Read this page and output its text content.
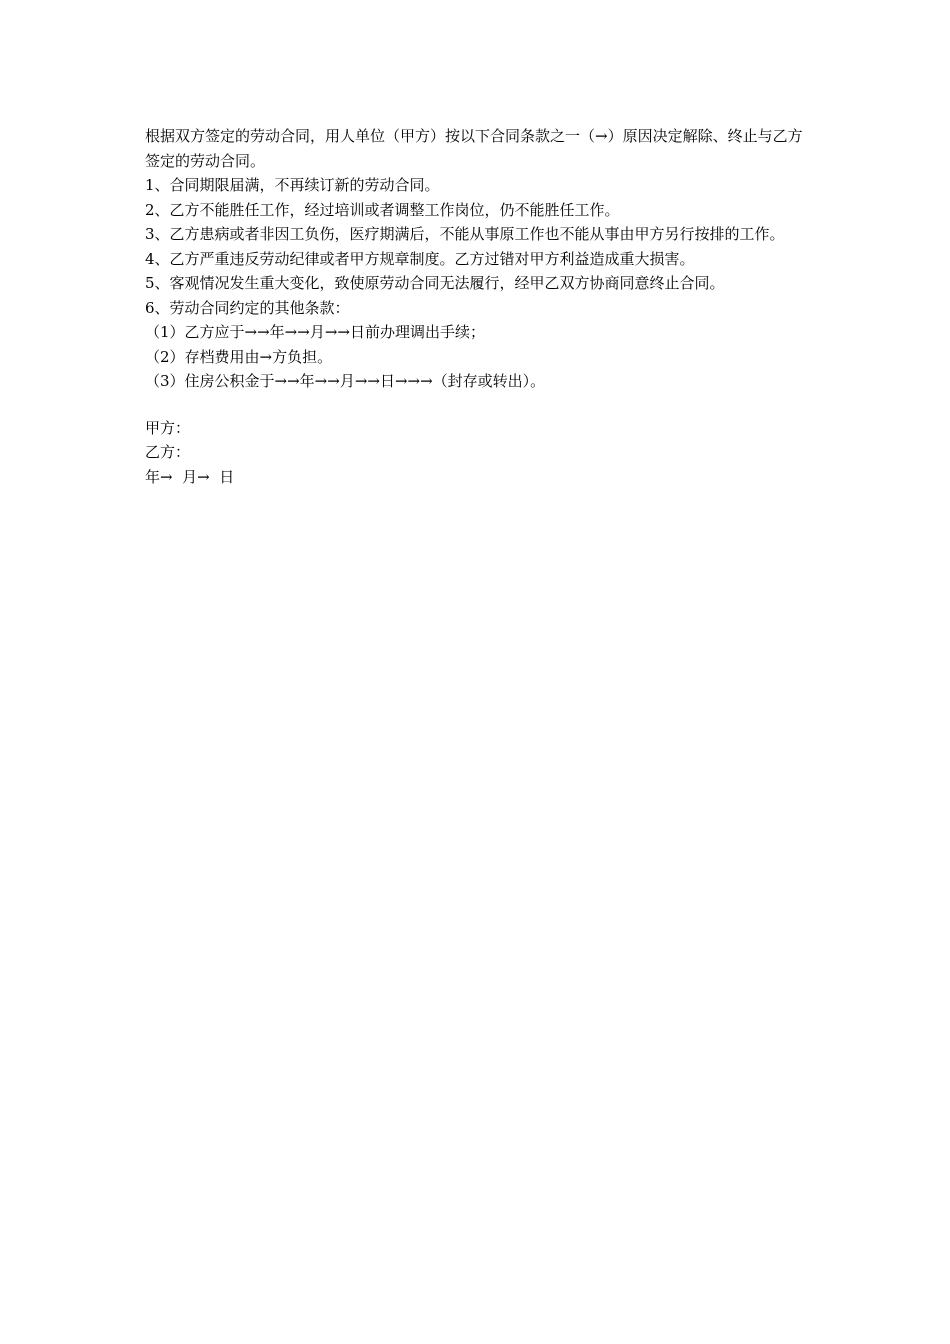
根据双方签定的劳动合同，用人单位（甲方）按以下合同条款之一（→）原因决定解除、终止与乙方签定的劳动合同。

1、合同期限届满，不再续订新的劳动合同。

2、乙方不能胜任工作，经过培训或者调整工作岗位，仍不能胜任工作。

3、乙方患病或者非因工负伤，医疗期满后，不能从事原工作也不能从事由甲方另行按排的工作。

4、乙方严重违反劳动纪律或者甲方规章制度。乙方过错对甲方利益造成重大损害。

5、客观情况发生重大变化，致使原劳动合同无法履行，经甲乙双方协商同意终止合同。

6、劳动合同约定的其他条款：

（1）乙方应于→→年→→月→→日前办理调出手续；

（2）存档费用由→方负担。

（3）住房公积金于→→年→→月→→日→→→（封存或转出）。

甲方：

乙方：

年→  月→  日
